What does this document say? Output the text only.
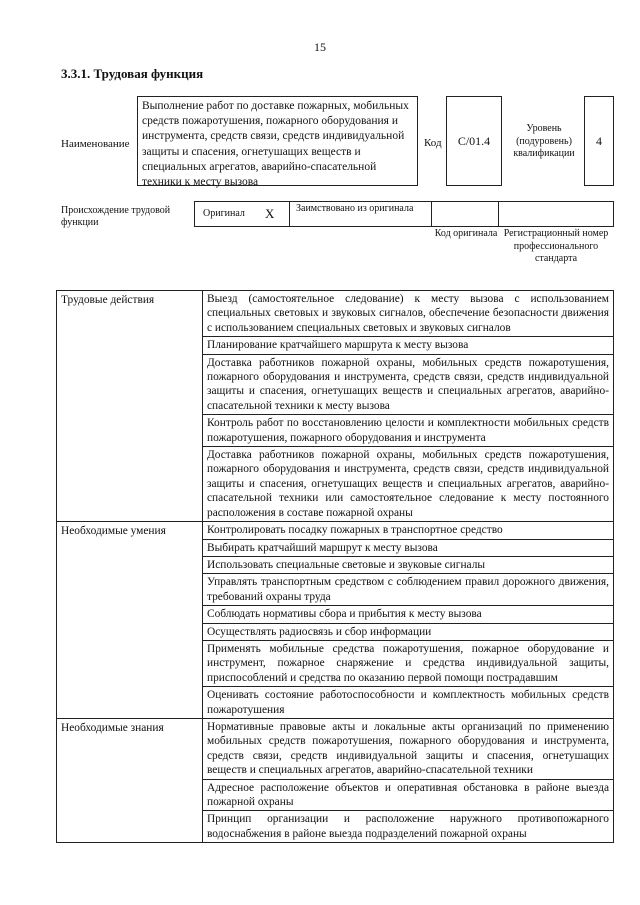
15
3.3.1. Трудовая функция
Наименование
Выполнение работ по доставке пожарных, мобильных средств пожаротушения, пожарного оборудования и инструмента, средств связи, средств индивидуальной защиты и спасения, огнетушащих веществ и специальных агрегатов, аварийно-спасательной техники к месту вызова
Код	C/01.4
Уровень (подуровень) квалификации
4
Происхождение трудовой функции
Оригинал X	Заимствовано из оригинала
Код оригинала Регистрационный номер профессионального стандарта
Трудовые действия	Выезд (самостоятельное следование) к месту вызова с использованием специальных световых и звуковых сигналов, обеспечение безопасности движения с использованием специальных световых и звуковых сигналов
	Планирование кратчайшего маршрута к месту вызова
	Доставка работников пожарной охраны, мобильных средств пожаротушения, пожарного оборудования и инструмента, средств связи, средств индивидуальной защиты и спасения, огнетушащих веществ и специальных агрегатов, аварийно-спасательной техники к месту вызова
	Контроль работ по восстановлению целости и комплектности мобильных средств пожаротушения, пожарного оборудования и инструмента
	Доставка работников пожарной охраны, мобильных средств пожаротушения, пожарного оборудования и инструмента, средств связи, средств индивидуальной защиты и спасения, огнетушащих веществ и специальных агрегатов, аварийно-спасательной техники или самостоятельное следование к месту постоянного расположения в составе пожарной охраны
Необходимые умения	Контролировать посадку пожарных в транспортное средство
	Выбирать кратчайший маршрут к месту вызова
	Использовать специальные световые и звуковые сигналы
	Управлять транспортным средством с соблюдением правил дорожного движения, требований охраны труда
	Соблюдать нормативы сбора и прибытия к месту вызова
	Осуществлять радиосвязь и сбор информации
	Применять мобильные средства пожаротушения, пожарное оборудование и инструмент, пожарное снаряжение и средства индивидуальной защиты, приспособлений и средства по оказанию первой помощи пострадавшим
	Оценивать состояние работоспособности и комплектность мобильных средств пожаротушения
Необходимые знания	Нормативные правовые акты и локальные акты организаций по применению мобильных средств пожаротушения, пожарного оборудования и инструмента, средств связи, средств индивидуальной защиты и спасения, огнетушащих веществ и специальных агрегатов, аварийно-спасательной техники
	Адресное расположение объектов и оперативная обстановка в районе выезда пожарной охраны
	Принцип организации и расположение наружного противопожарного водоснабжения в районе выезда подразделений пожарной охраны
